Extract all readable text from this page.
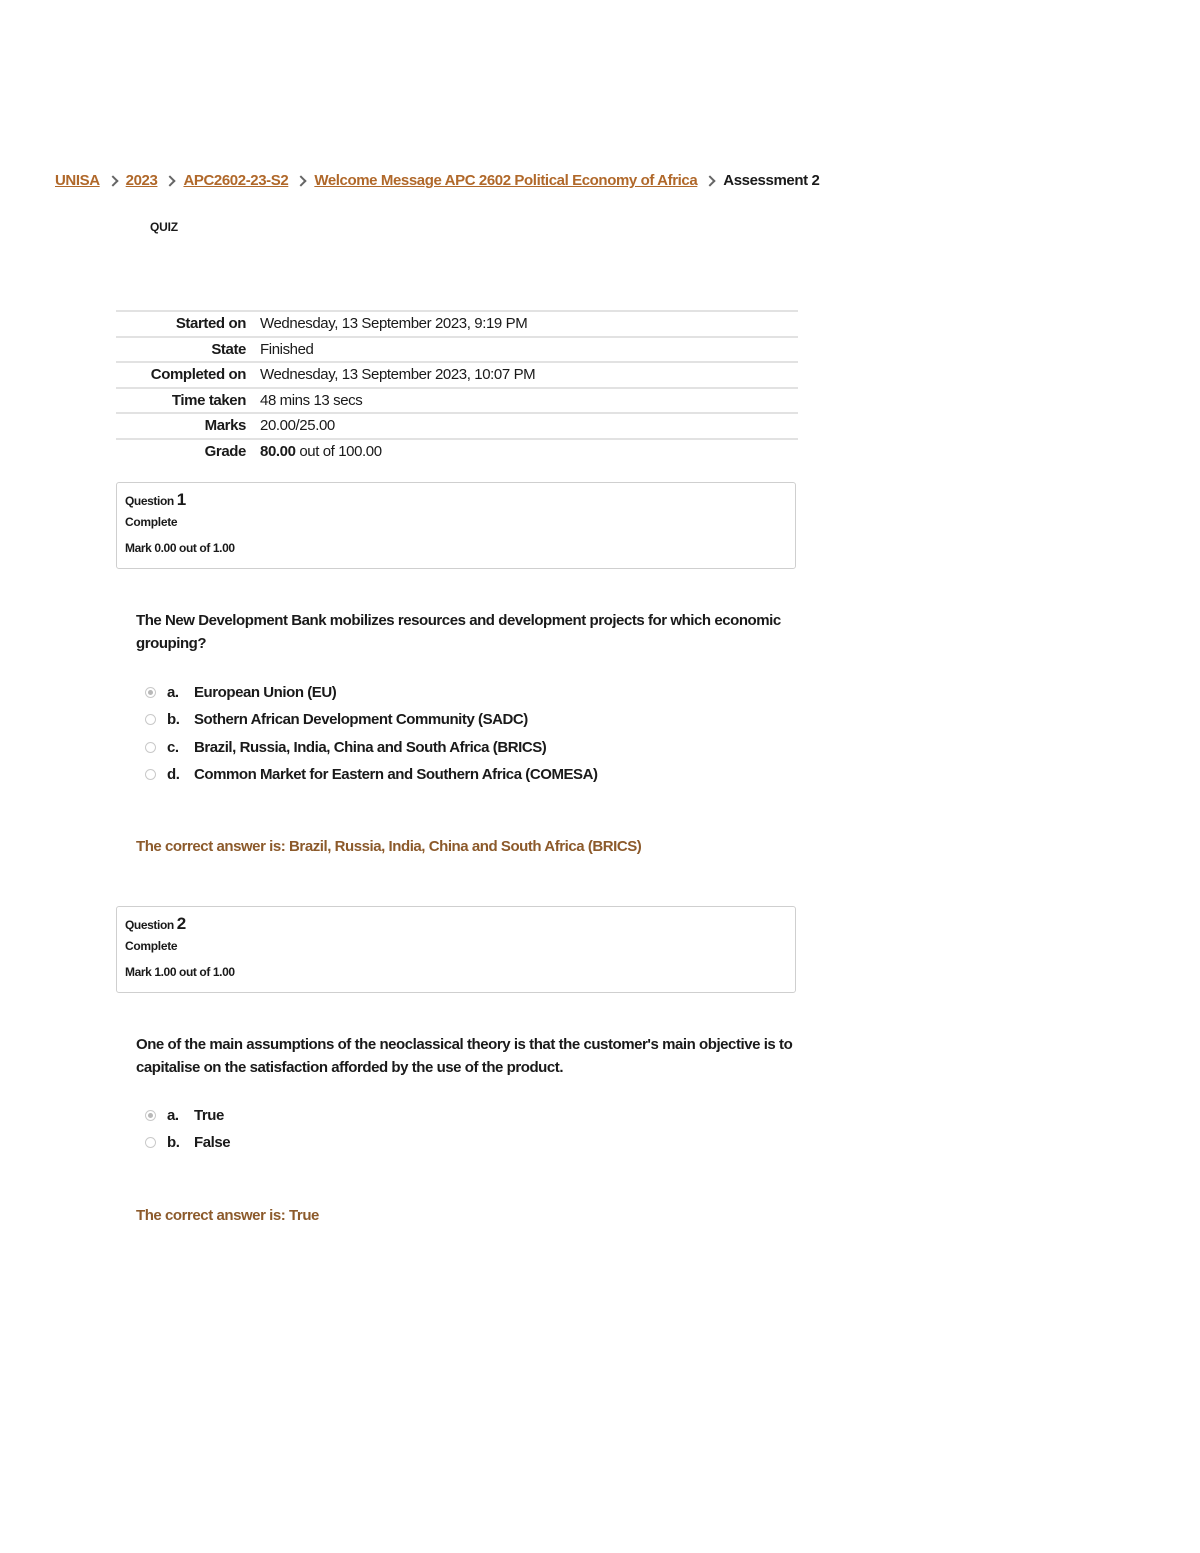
UNISA 2023 APC2602-23-S2 Welcome Message APC 2602 Political Economy of Africa Assessment 2
QUIZ
Started on	Wednesday, 13 September 2023, 9:19 PM
State	Finished
Completed on	Wednesday, 13 September 2023, 10:07 PM
Time taken	48 mins 13 secs
Marks	20.00/25.00
Grade	80.00 out of 100.00
Question 1
Complete
Mark 0.00 out of 1.00
The New Development Bank mobilizes resources and development projects for which economic grouping?
a.	European Union (EU)
b. Sothern African Development Community (SADC)
c.	Brazil, Russia, India, China and South Africa (BRICS)
d. Common Market for Eastern and Southern Africa (COMESA)
The correct answer is: Brazil, Russia, India, China and South Africa (BRICS)
Question 2
Complete
Mark 1.00 out of 1.00
One of the main assumptions of the neoclassical theory is that the customer's main objective is to capitalise on the satisfaction afforded by the use of the product.
a.	True
b. False
The correct answer is: True
